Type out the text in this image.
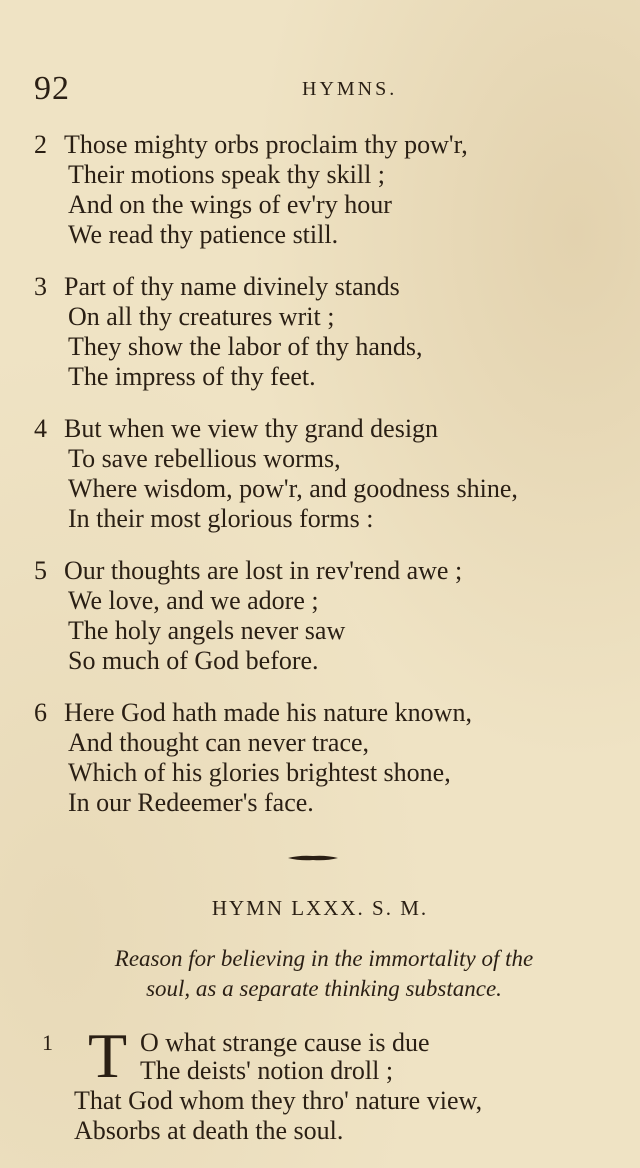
92	HYMNS.
2 Those mighty orbs proclaim thy pow'r,
Their motions speak thy skill ;
And on the wings of ev'ry hour
We read thy patience still.
3 Part of thy name divinely stands
On all thy creatures writ ;
They show the labor of thy hands,
The impress of thy feet.
4 But when we view thy grand design
To save rebellious worms,
Where wisdom, pow'r, and goodness shine,
In their most glorious forms :
5 Our thoughts are lost in rev'rend awe ;
We love, and we adore ;
The holy angels never saw
So much of God before.
6 Here God hath made his nature known,
And thought can never trace,
Which of his glories brightest shone,
In our Redeemer's face.
HYMN LXXX. S. M.
Reason for believing in the immortality of the
soul, as a separate thinking substance.
1 T O what strange cause is due
The deists' notion droll ;
That God whom they thro' nature view,
Absorbs at death the soul.
